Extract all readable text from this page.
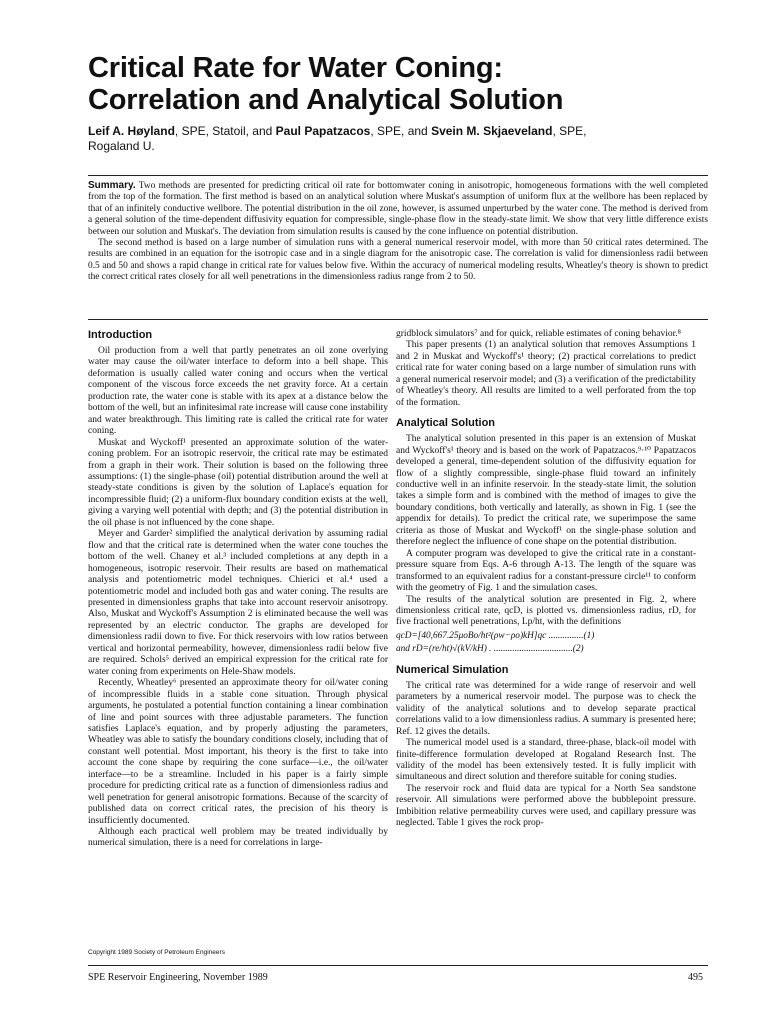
Critical Rate for Water Coning:
Correlation and Analytical Solution
Leif A. Høyland, SPE, Statoil, and Paul Papatzacos, SPE, and Svein M. Skjaeveland, SPE,
Rogaland U.

Summary. Two methods are presented for predicting critical oil rate for bottomwater coning in anisotropic, homogeneous formations with the well completed from the top of the formation. The first method is based on an analytical solution where Muskat's assumption of uniform flux at the wellbore has been replaced by that of an infinitely conductive wellbore. The potential distribution in the oil zone, however, is assumed unperturbed by the water cone. The method is derived from a general solution of the time-dependent diffusivity equation for compressible, single-phase flow in the steady-state limit. We show that very little difference exists between our solution and Muskat's. The deviation from simulation results is caused by the cone influence on potential distribution.

The second method is based on a large number of simulation runs with a general numerical reservoir model, with more than 50 critical rates determined. The results are combined in an equation for the isotropic case and in a single diagram for the anisotropic case. The correlation is valid for dimensionless radii between 0.5 and 50 and shows a rapid change in critical rate for values below five. Within the accuracy of numerical modeling results, Wheatley's theory is shown to predict the correct critical rates closely for all well penetrations in the dimensionless radius range from 2 to 50.

Introduction

Oil production from a well that partly penetrates an oil zone overlying water may cause the oil/water interface to deform into a bell shape. This deformation is usually called water coning and occurs when the vertical component of the viscous force exceeds the net gravity force. At a certain production rate, the water cone is stable with its apex at a distance below the bottom of the well, but an infinitesimal rate increase will cause cone instability and water breakthrough. This limiting rate is called the critical rate for water coning.

Muskat and Wyckoff¹ presented an approximate solution of the water-coning problem. For an isotropic reservoir, the critical rate may be estimated from a graph in their work. Their solution is based on the following three assumptions: (1) the single-phase (oil) potential distribution around the well at steady-state conditions is given by the solution of Laplace's equation for incompressible fluid; (2) a uniform-flux boundary condition exists at the well, giving a varying well potential with depth; and (3) the potential distribution in the oil phase is not influenced by the cone shape.

Meyer and Garder² simplified the analytical derivation by assuming radial flow and that the critical rate is determined when the water cone touches the bottom of the well. Chaney et al.³ included completions at any depth in a homogeneous, isotropic reservoir. Their results are based on mathematical analysis and potentiometric model techniques. Chierici et al.⁴ used a potentiometric model and included both gas and water coning. The results are presented in dimensionless graphs that take into account reservoir anisotropy. Also, Muskat and Wyckoff's Assumption 2 is eliminated because the well was represented by an electric conductor. The graphs are developed for dimensionless radii down to five. For thick reservoirs with low ratios between vertical and horizontal permeability, however, dimensionless radii below five are required. Schols⁵ derived an empirical expression for the critical rate for water coning from experiments on Hele-Shaw models.

Recently, Wheatley⁶ presented an approximate theory for oil/water coning of incompressible fluids in a stable cone situation. Through physical arguments, he postulated a potential function containing a linear combination of line and point sources with three adjustable parameters. The function satisfies Laplace's equation, and by properly adjusting the parameters, Wheatley was able to satisfy the boundary conditions closely, including that of constant well potential. Most important, his theory is the first to take into account the cone shape by requiring the cone surface—i.e., the oil/water interface—to be a streamline. Included in his paper is a fairly simple procedure for predicting critical rate as a function of dimensionless radius and well penetration for general anisotropic formations. Because of the scarcity of published data on correct critical rates, the precision of his theory is insufficiently documented.

Although each practical well problem may be treated individually by numerical simulation, there is a need for correlations in large-

gridblock simulators⁷ and for quick, reliable estimates of coning behavior.⁸

This paper presents (1) an analytical solution that removes Assumptions 1 and 2 in Muskat and Wyckoff's¹ theory; (2) practical correlations to predict critical rate for water coning based on a large number of simulation runs with a general numerical reservoir model; and (3) a verification of the predictability of Wheatley's theory. All results are limited to a well perforated from the top of the formation.

Analytical Solution

The analytical solution presented in this paper is an extension of Muskat and Wyckoff's¹ theory and is based on the work of Papatzacos.⁹·¹⁰ Papatzacos developed a general, time-dependent solution of the diffusivity equation for flow of a slightly compressible, single-phase fluid toward an infinitely conductive well in an infinite reservoir. In the steady-state limit, the solution takes a simple form and is combined with the method of images to give the boundary conditions, both vertically and laterally, as shown in Fig. 1 (see the appendix for details). To predict the critical rate, we superimpose the same criteria as those of Muskat and Wyckoff¹ on the single-phase solution and therefore neglect the influence of cone shape on the potential distribution.

A computer program was developed to give the critical rate in a constant-pressure square from Eqs. A-6 through A-13. The length of the square was transformed to an equivalent radius for a constant-pressure circle¹¹ to conform with the geometry of Fig. 1 and the simulation cases.

The results of the analytical solution are presented in Fig. 2, where dimensionless critical rate, qcD, is plotted vs. dimensionless radius, rD, for five fractional well penetrations, Lp/ht, with the definitions

qcD=[40,667.25μoBo/ht²(ρw−ρo)kH]qc ...............(1)
and rD=(re/ht)√(kV/kH) . ..................................(2)
Numerical Simulation

The critical rate was determined for a wide range of reservoir and well parameters by a numerical reservoir model. The purpose was to check the validity of the analytical solutions and to develop separate practical correlations valid to a low dimensionless radius. A summary is presented here; Ref. 12 gives the details.

The numerical model used is a standard, three-phase, black-oil model with finite-difference formulation developed at Rogaland Research Inst. The validity of the model has been extensively tested. It is fully implicit with simultaneous and direct solution and therefore suitable for coning studies.

The reservoir rock and fluid data are typical for a North Sea sandstone reservoir. All simulations were performed above the bubblepoint pressure. Imbibition relative permeability curves were used, and capillary pressure was neglected. Table 1 gives the rock prop-

Copyright 1989 Society of Petroleum Engineers
SPE Reservoir Engineering, November 1989	495
